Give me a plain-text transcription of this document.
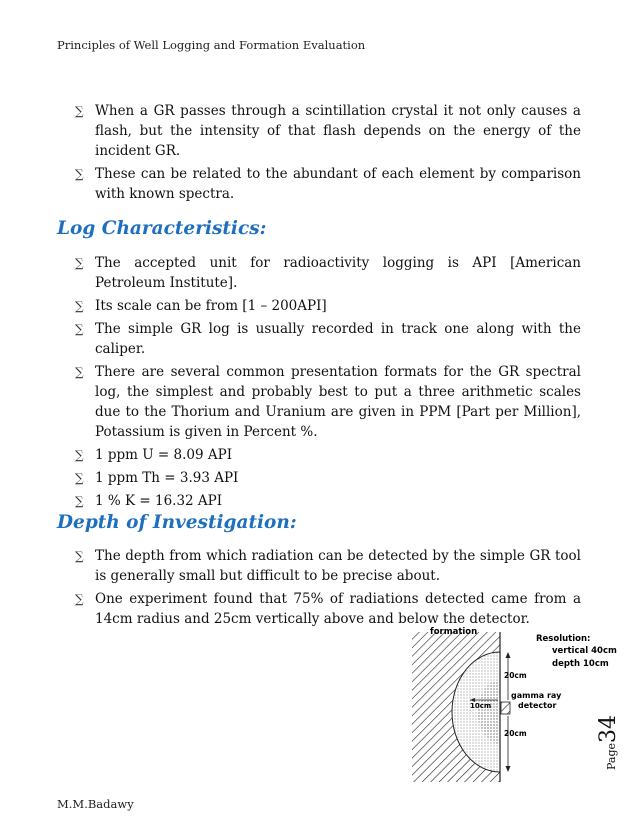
Principles of Well Logging and Formation Evaluation
∑ When a GR passes through a scintillation crystal it not only causes a flash, but the intensity of that flash depends on the energy of the incident GR.
∑ These can be related to the abundant of each element by comparison with known spectra.
Log Characteristics:
∑ The accepted unit for radioactivity logging is API [American Petroleum Institute].
∑ Its scale can be from [1 – 200API]
∑ The simple GR log is usually recorded in track one along with the caliper.
∑ There are several common presentation formats for the GR spectral log, the simplest and probably best to put a three arithmetic scales due to the Thorium and Uranium are given in PPM [Part per Million], Potassium is given in Percent %.
∑ 1 ppm U = 8.09 API
∑ 1 ppm Th = 3.93 API
∑ 1 % K = 16.32 API
Depth of Investigation:
∑ The depth from which radiation can be detected by the simple GR tool is generally small but difficult to be precise about.
∑ One experiment found that 75% of radiations detected came from a 14cm radius and 25cm vertically above and below the detector.
formation
Resolution:
vertical 40cm
depth 10cm
20cm
gamma ray
detector
10cm
20cm
Page34
M.M.Badawy
